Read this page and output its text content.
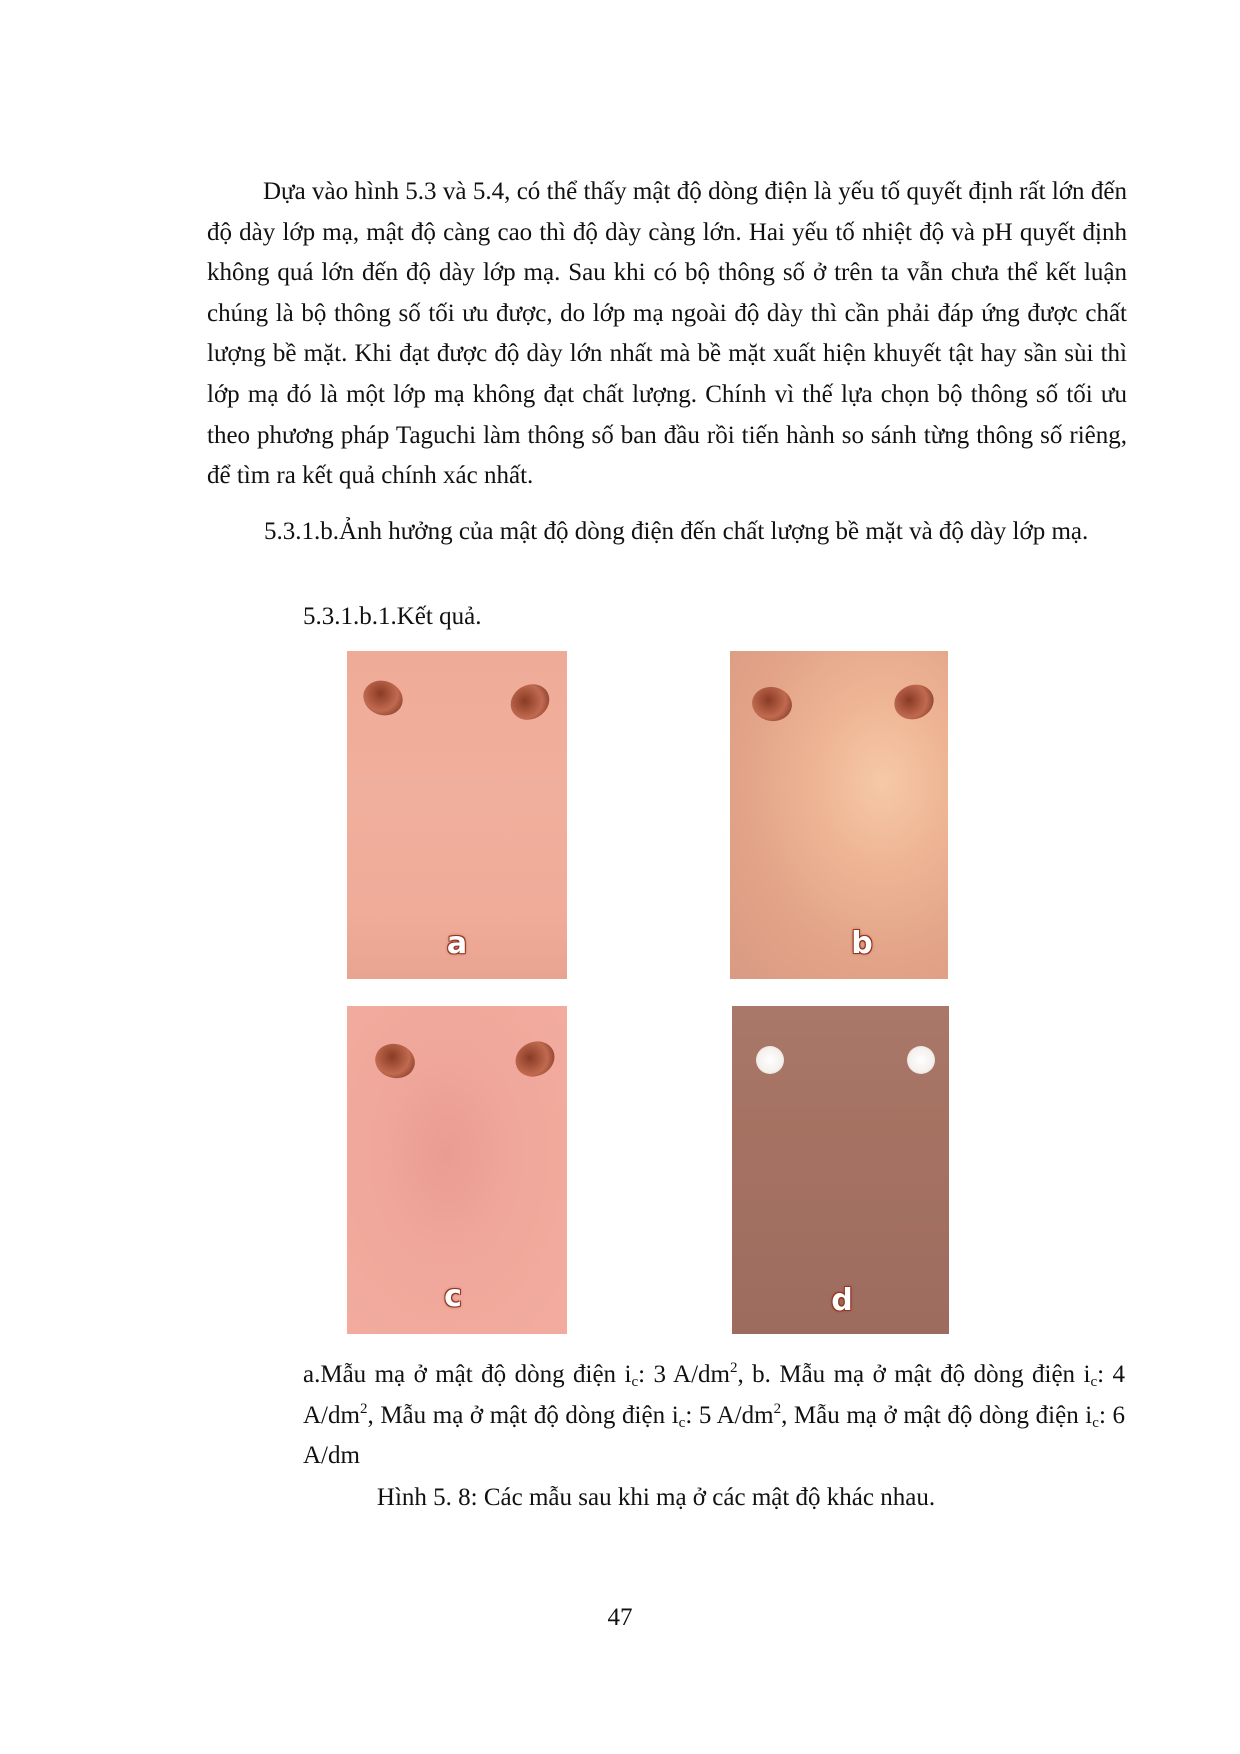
Dựa vào hình 5.3 và 5.4, có thể thấy mật độ dòng điện là yếu tố quyết định rất lớn đến độ dày lớp mạ, mật độ càng cao thì độ dày càng lớn. Hai yếu tố nhiệt độ và pH quyết định không quá lớn đến độ dày lớp mạ. Sau khi có bộ thông số ở trên ta vẫn chưa thể kết luận chúng là bộ thông số tối ưu được, do lớp mạ ngoài độ dày thì cần phải đáp ứng được chất lượng bề mặt. Khi đạt được độ dày lớn nhất mà bề mặt xuất hiện khuyết tật hay sần sùi thì lớp mạ đó là một lớp mạ không đạt chất lượng. Chính vì thế lựa chọn bộ thông số tối ưu theo phương pháp Taguchi làm thông số ban đầu rồi tiến hành so sánh từng thông số riêng, để tìm ra kết quả chính xác nhất.

5.3.1.b.Ảnh hưởng của mật độ dòng điện đến chất lượng bề mặt và độ dày lớp mạ.

5.3.1.b.1.Kết quả.

a	b
c	d

a.Mẫu mạ ở mật độ dòng điện $i_c$: 3 $A/dm^2$, b. Mẫu mạ ở mật độ dòng điện $i_c$: 4 $A/dm^2$, Mẫu mạ ở mật độ dòng điện $i_c$: 5 $A/dm^2$, Mẫu mạ ở mật độ dòng điện $i_c$: 6 A/dm

Hình 5. 8: Các mẫu sau khi mạ ở các mật độ khác nhau.
47
